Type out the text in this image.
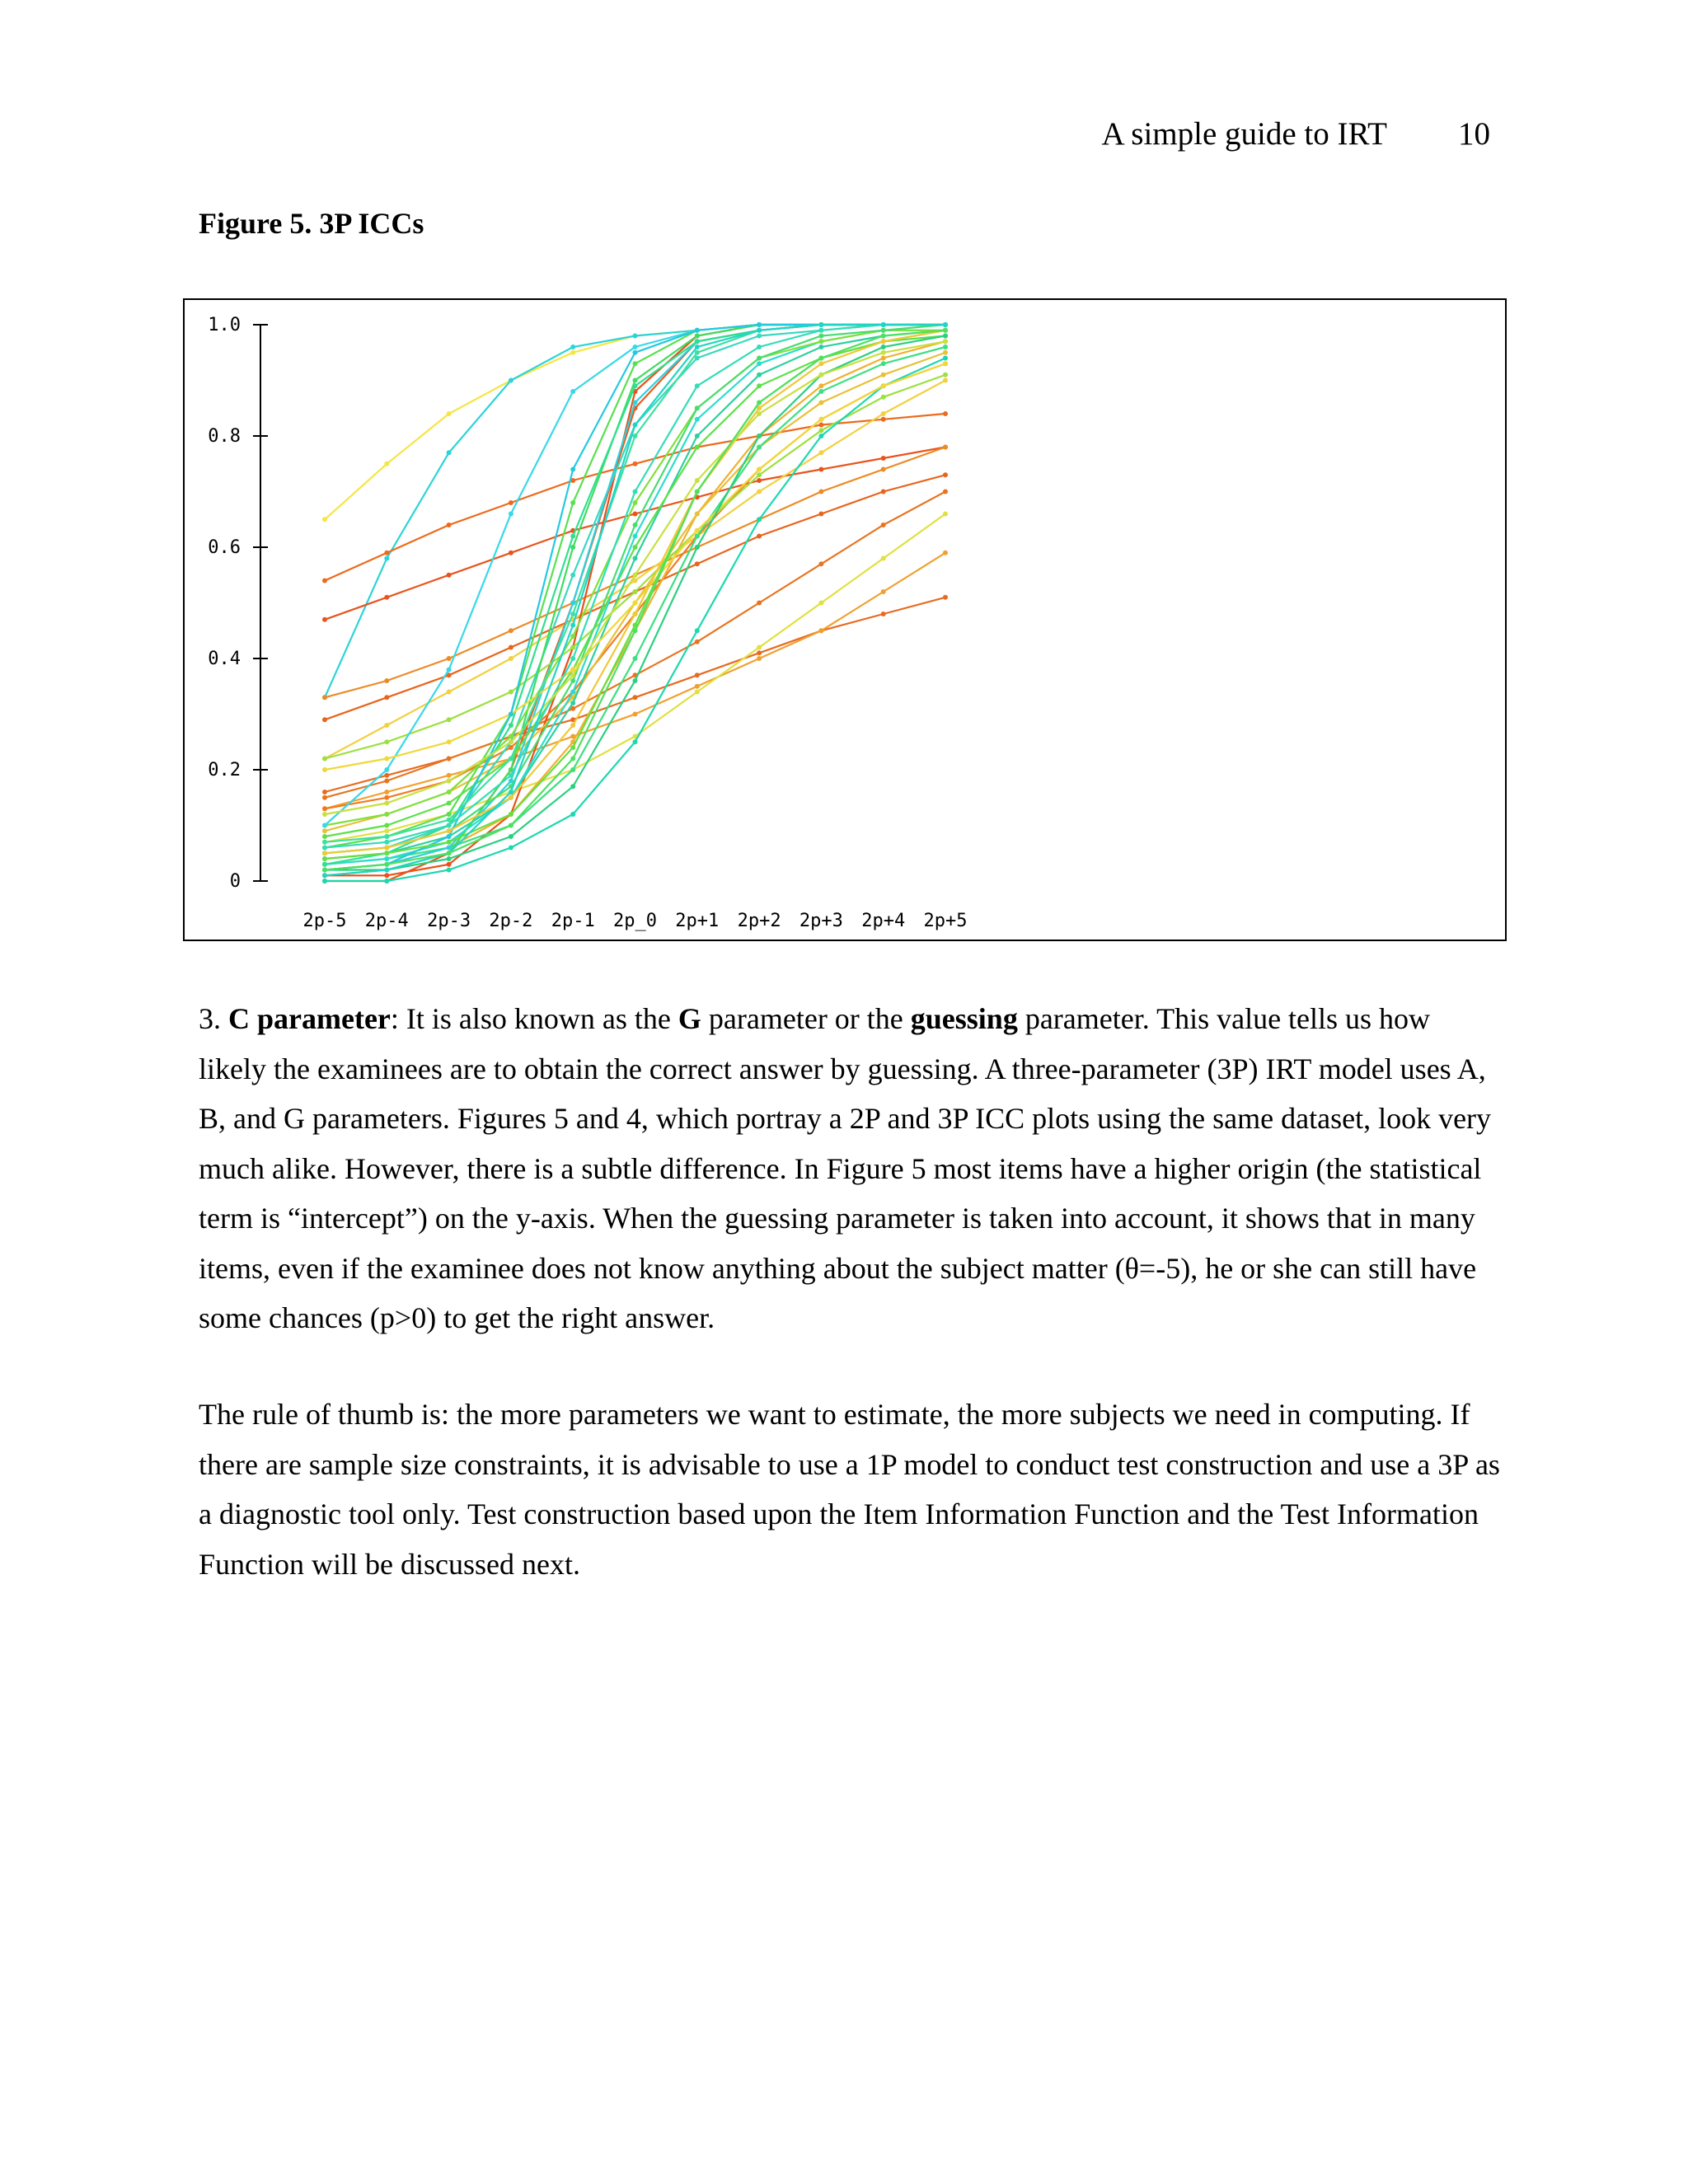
A simple guide to IRT 10
Figure 5. 3P ICCs
0
0.2
0.4
0.6
0.8
1.0
2p-5 2p-4 2p-3 2p-2 2p-1 2p_0 2p+1 2p+2 2p+3 2p+4 2p+5

3. C parameter: It is also known as the G parameter or the guessing parameter. This value tells us how likely the examinees are to obtain the correct answer by guessing. A three-parameter (3P) IRT model uses A, B, and G parameters. Figures 5 and 4, which portray a 2P and 3P ICC plots using the same dataset, look very much alike. However, there is a subtle difference. In Figure 5 most items have a higher origin (the statistical term is “intercept”) on the y-axis. When the guessing parameter is taken into account, it shows that in many items, even if the examinee does not know anything about the subject matter (θ=-5), he or she can still have some chances (p>0) to get the right answer.

The rule of thumb is: the more parameters we want to estimate, the more subjects we need in computing. If there are sample size constraints, it is advisable to use a 1P model to conduct test construction and use a 3P as a diagnostic tool only. Test construction based upon the Item Information Function and the Test Information Function will be discussed next.
